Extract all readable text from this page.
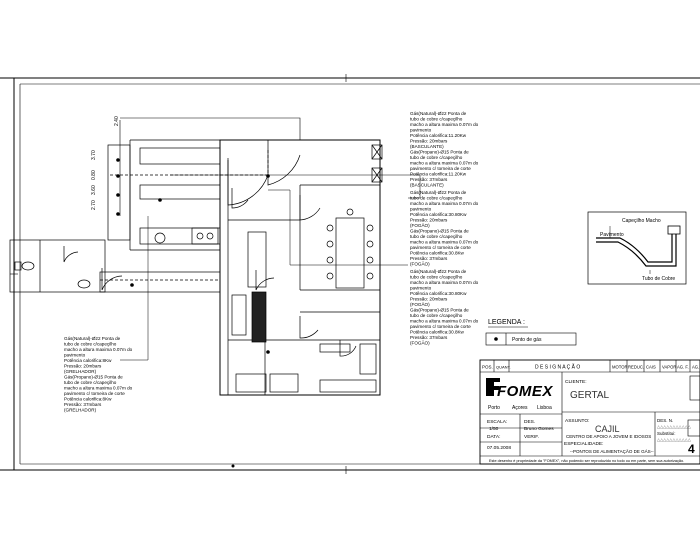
2.40
3.70
0.80
3.60
2.70
Gás(Natural)-Ø22 Ponta de
tubo de cobre c/capeçilho
macho a altura maxima 0.07m do
pavimento
Potência calorifica:11.20Kw
Pressão: 20mbars
(BASCULANTE)
Gás(Propano)-Ø15 Ponta de
tubo de cobre c/capeçilho
macho a altura maxima 0.07m do
pavimento c/ torneira de corte
Potência calorifica:11.20Kw
Pressão: 37mbars
(BASCULANTE)
Gás(Natural)-Ø22 Ponta de
tubo de cobre c/capeçilho
macho a altura maxima 0.07m do
pavimento
Potência calorifica:30.80Kw
Pressão: 20mbars
(FOGÃO)
Gás(Propano)-Ø15 Ponta de
tubo de cobre c/capeçilho
macho a altura maxima 0.07m do
pavimento c/ torneira de corte
Potência calorifica:30.8Kw
Pressão: 37mbars
(FOGÃO)
Gás(Natural)-Ø22 Ponta de
tubo de cobre c/capeçilho
macho a altura maxima 0.07m do
pavimento
Potência calorifica:30.80Kw
Pressão: 20mbars
(FOGÃO)
Gás(Propano)-Ø15 Ponta de
tubo de cobre c/capeçilho
macho a altura maxima 0.07m do
pavimento c/ torneira de corte
Potência calorifica:30.8Kw
Pressão: 37mbars
(FOGÃO)
Gás(Natural)-Ø22 Ponta de
tubo de cobre c/capeçilho
macho a altura maxima 0.07m do
pavimento
Potência calorifica:8Kw
Pressão: 20mbars
(GRELHADOR)
Gás(Propano)-Ø15 Ponta de
tubo de cobre c/capeçilho
macho a altura maxima 0.07m do
pavimento c/ torneira de corte
Potência calorifica:8Kw
Pressão: 37mbars
(GRELHADOR)
Capeçilho Macho
Pavimento
Tubo de Cobre
LEGENDA :
Ponto de gás
POS. QUANT.	D E S I G N A Ç Ã O	MOTOR REDUC. CAIS VAPOR AG. F. AG.
FOMEX
Porto Açores Lisboa
CLIENTE:
GERTAL
ASSUNTO:
CAJIL
CENTRO DE APOIO A JOVEM E IDOSOS
ESCALA:
1/50
DES.
Bruno Gomes
DATA:
07.05.2008
VERIF.
ESPECIALIDADE:
--PONTOS DE ALIMENTAÇÃO DE GÁS--
DES. N.
△△△△△△△△△△△
Substitui:
△△△△△△△△△△△
4
Este desenho é propriedade da "FOMEX", não podendo ser reproduzido no todo ou em parte, sem sua autorização.
